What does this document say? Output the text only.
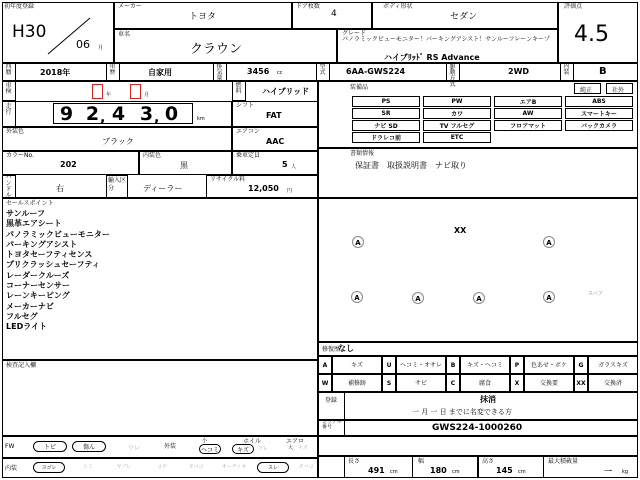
初年度登録
H30
06 月
メーカー
トヨタ
ドア枚数
4
ボディ形状
セダン
評価点
4.5
車名
クラウン
グレード
パノラミックビューモニター！パーキングアシスト！サンルーフレーンキープ
ハイブﾘｯﾄﾞ RS Advance
西暦	2018年
車歴	自家用
排気量
3456 cc
型式	6AA-GWS224
駆動方式
2WD
内装	B
車検	年	月
燃料	ハイブリッド
走行	9 2 4 3 0
,	,	km
シフト
FAT
外装色
ブラック
エアコン
AAC
カラーNo.
202
内装色
黒
乗車定員
5 人
ハンドル
右
輸入区分	ディーラー
リサイクル料
12,050 円
装備品	純正	社外
PS	PW	エアB	ABS
SR	カワ	AW	スマートキー
ナビ SD	TV フルセグ	フロアマット	バックカメラ
ドラレコ前	ETC
書類情報
保証書　取扱説明書　ナビ取り
セールスポイント
サンルーフ
黒革エアシート
パノラミックビューモニター
パーキングアシスト
トヨタセーフティセンス
プリクラッシュセーフティ
レーダークルーズ
コーナーセンサー
レーンキーピング
メーカーナビ
フルセグ
LEDライト
A
A
A
A
A	A
XX
スペア
修復歴
なし
A	キズ	U	ヘコミ・オサレ	B	キズ・ヘコミ	P	色あせ・ボケ	G	ガラスキズ
W	補修跡	S	サビ	C	腐食	X	交換要	XX	交換済
検査記入欄
登録	抹消
一 月 一 日 までに名変できる方
シリアル番号	GWS224-1000260
FW	トピ	傷ん	ワレ	外装
小
ヘコミ
ホイル
キズ ワレ
エアロ
大 キズ
内装	ヨゴレ	シミ	ヤブレ	コゲ	タバコ	オーディオ	スレ	タバコ
長さ
491 cm
幅
180 cm
高さ
145 cm
最大積載量
一 kg
